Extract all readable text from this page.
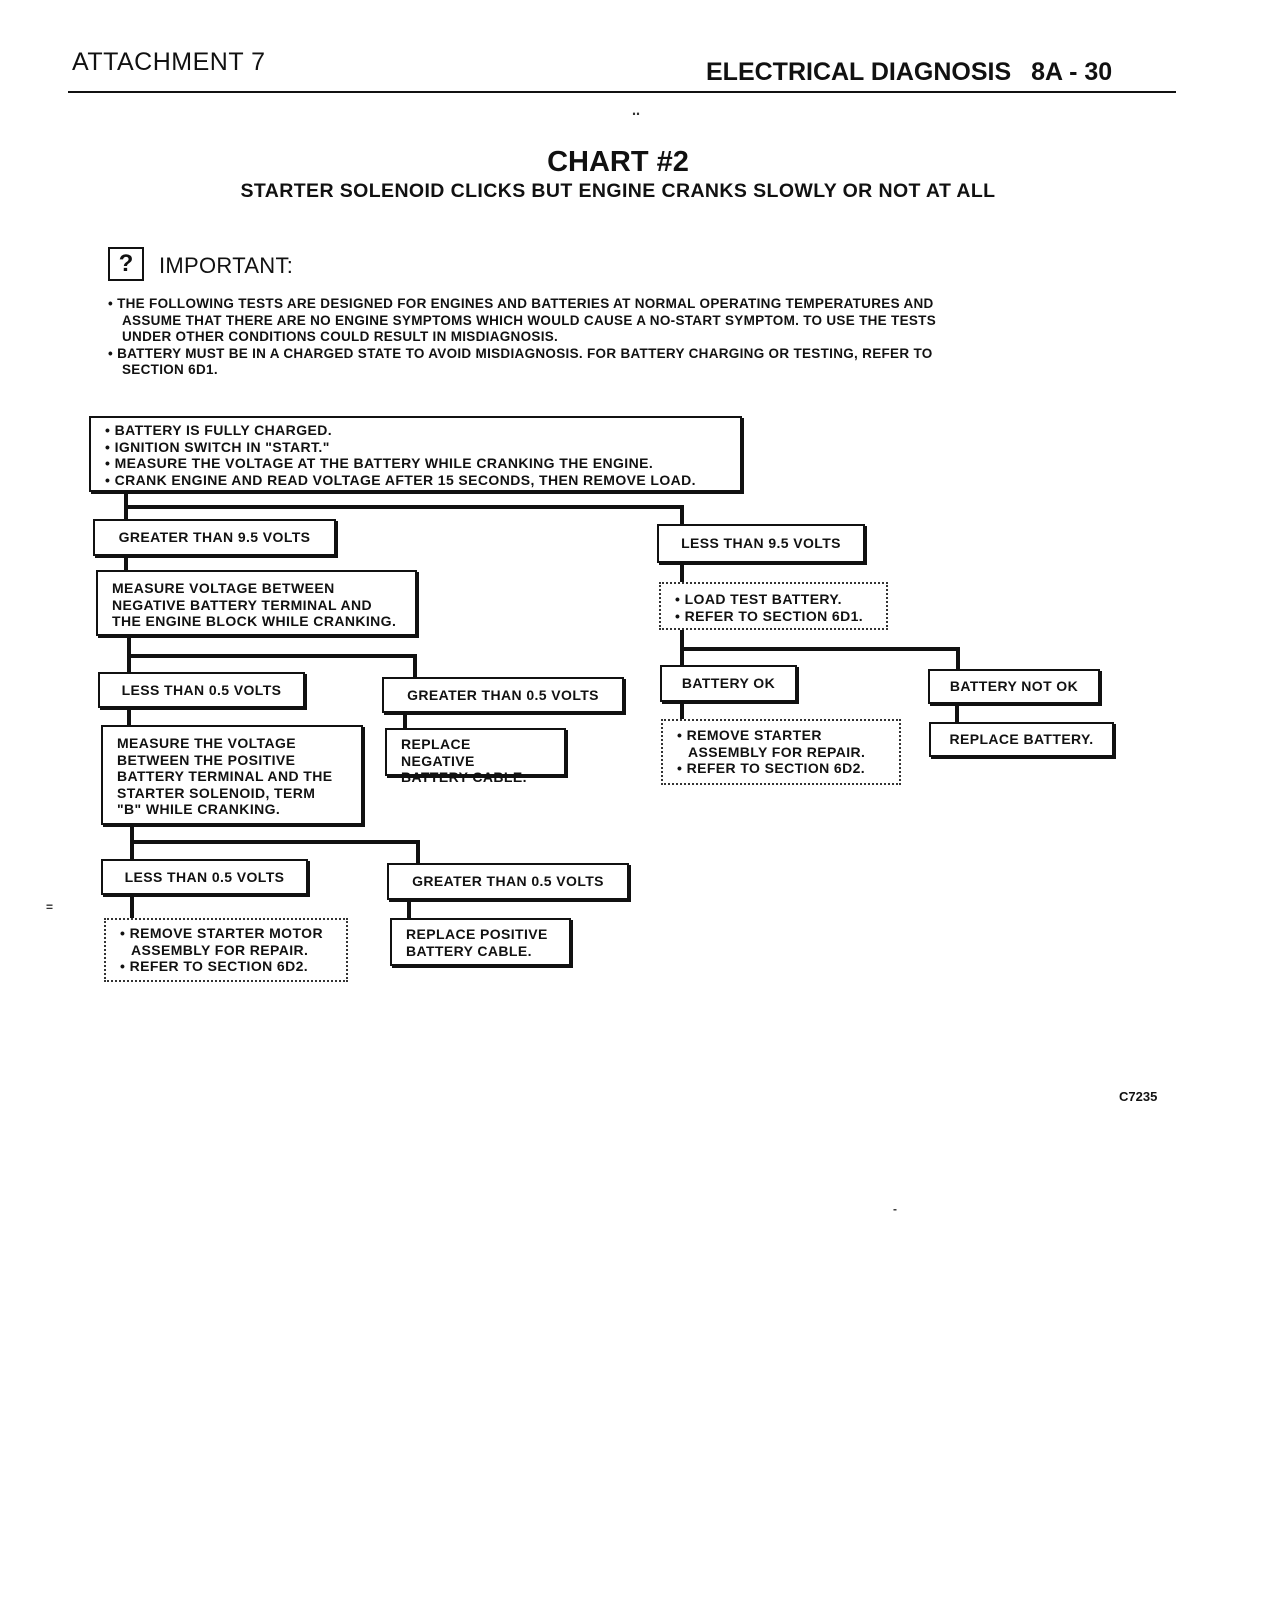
ATTACHMENT 7	ELECTRICAL DIAGNOSIS 8A - 30
‥
CHART #2
STARTER SOLENOID CLICKS BUT ENGINE CRANKS SLOWLY OR NOT AT ALL
?	IMPORTANT:
• THE FOLLOWING TESTS ARE DESIGNED FOR ENGINES AND BATTERIES AT NORMAL OPERATING TEMPERATURES AND ASSUME THAT THERE ARE NO ENGINE SYMPTOMS WHICH WOULD CAUSE A NO-START SYMPTOM. TO USE THE TESTS UNDER OTHER CONDITIONS COULD RESULT IN MISDIAGNOSIS.
• BATTERY MUST BE IN A CHARGED STATE TO AVOID MISDIAGNOSIS. FOR BATTERY CHARGING OR TESTING, REFER TO SECTION 6D1.
• BATTERY IS FULLY CHARGED.
• IGNITION SWITCH IN "START."
• MEASURE THE VOLTAGE AT THE BATTERY WHILE CRANKING THE ENGINE.
• CRANK ENGINE AND READ VOLTAGE AFTER 15 SECONDS, THEN REMOVE LOAD.
GREATER THAN 9.5 VOLTS	LESS THAN 9.5 VOLTS
MEASURE VOLTAGE BETWEEN NEGATIVE BATTERY TERMINAL AND THE ENGINE BLOCK WHILE CRANKING.
• LOAD TEST BATTERY.
• REFER TO SECTION 6D1.
LESS THAN 0.5 VOLTS	GREATER THAN 0.5 VOLTS
BATTERY OK	BATTERY NOT OK
MEASURE THE VOLTAGE BETWEEN THE POSITIVE BATTERY TERMINAL AND THE STARTER SOLENOID, TERM "B" WHILE CRANKING.
REPLACE NEGATIVE BATTERY CABLE.
• REMOVE STARTER ASSEMBLY FOR REPAIR.
• REFER TO SECTION 6D2.
REPLACE BATTERY.
LESS THAN 0.5 VOLTS	GREATER THAN 0.5 VOLTS
• REMOVE STARTER MOTOR ASSEMBLY FOR REPAIR.
• REFER TO SECTION 6D2.
REPLACE POSITIVE BATTERY CABLE.
=
C7235
-
